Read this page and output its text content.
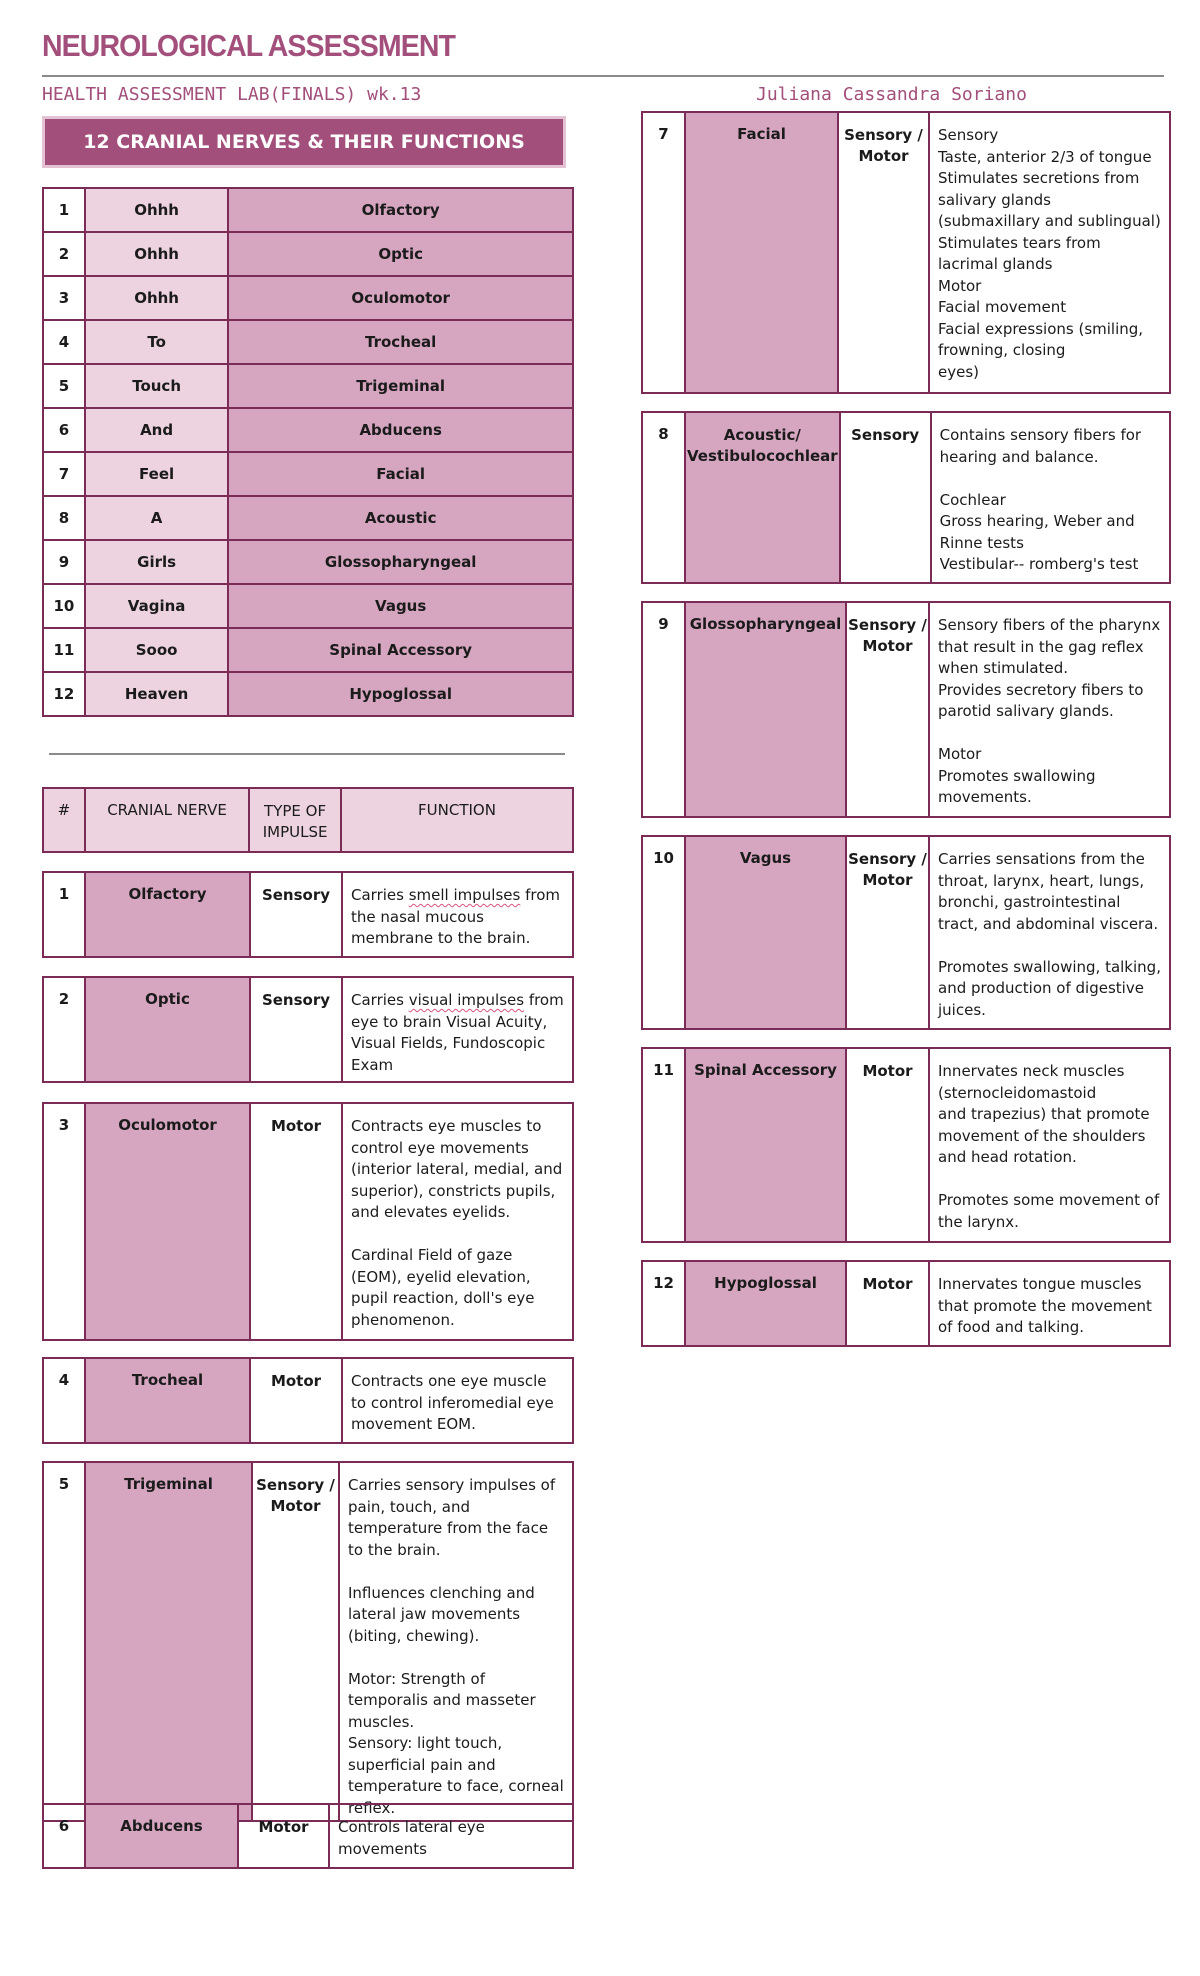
NEUROLOGICAL ASSESSMENT
HEALTH ASSESSMENT LAB(FINALS) wk.13	Juliana Cassandra Soriano
12 CRANIAL NERVES & THEIR FUNCTIONS
1	Ohhh	Olfactory
2	Ohhh	Optic
3	Ohhh	Oculomotor
4	To	Trocheal
5	Touch	Trigeminal
6	And	Abducens
7	Feel	Facial
8	A	Acoustic
9	Girls	Glossopharyngeal
10	Vagina	Vagus
11	Sooo	Spinal Accessory
12	Heaven	Hypoglossal
#	CRANIAL NERVE	TYPE OF IMPULSE	FUNCTION
1	Olfactory	Sensory	Carries smell impulses from the nasal mucous membrane to the brain.
2	Optic	Sensory	Carries visual impulses from eye to brain Visual Acuity, Visual Fields, Fundoscopic Exam
3	Oculomotor	Motor	Contracts eye muscles to control eye movements (interior lateral, medial, and superior), constricts pupils, and elevates eyelids.

Cardinal Field of gaze (EOM), eyelid elevation, pupil reaction, doll's eye phenomenon.
4	Trocheal	Motor	Contracts one eye muscle to control inferomedial eye movement EOM.
5	Trigeminal	Sensory / Motor	Carries sensory impulses of pain, touch, and temperature from the face to the brain.

Influences clenching and lateral jaw movements (biting, chewing).

Motor: Strength of temporalis and masseter muscles.
Sensory: light touch, superficial pain and temperature to face, corneal reflex.
6	Abducens	Motor	Controls lateral eye movements
7	Facial	Sensory / Motor	Sensory
Taste, anterior 2/3 of tongue
Stimulates secretions from salivary glands
(submaxillary and sublingual)
Stimulates tears from lacrimal glands
Motor
Facial movement
Facial expressions (smiling, frowning, closing
eyes)
8	Acoustic/ Vestibulocochlear	Sensory	Contains sensory fibers for hearing and balance.

Cochlear
Gross hearing, Weber and Rinne tests
Vestibular-- romberg's test
9	Glossopharyngeal	Sensory / Motor	Sensory fibers of the pharynx that result in the gag reflex when stimulated.
Provides secretory fibers to parotid salivary glands.

Motor
Promotes swallowing movements.
10	Vagus	Sensory / Motor	Carries sensations from the throat, larynx, heart, lungs, bronchi, gastrointestinal tract, and abdominal viscera.

Promotes swallowing, talking, and production of digestive juices.
11	Spinal Accessory	Motor	Innervates neck muscles (sternocleidomastoid
and trapezius) that promote movement of the shoulders and head rotation.

Promotes some movement of the larynx.
12	Hypoglossal	Motor	Innervates tongue muscles that promote the movement of food and talking.
